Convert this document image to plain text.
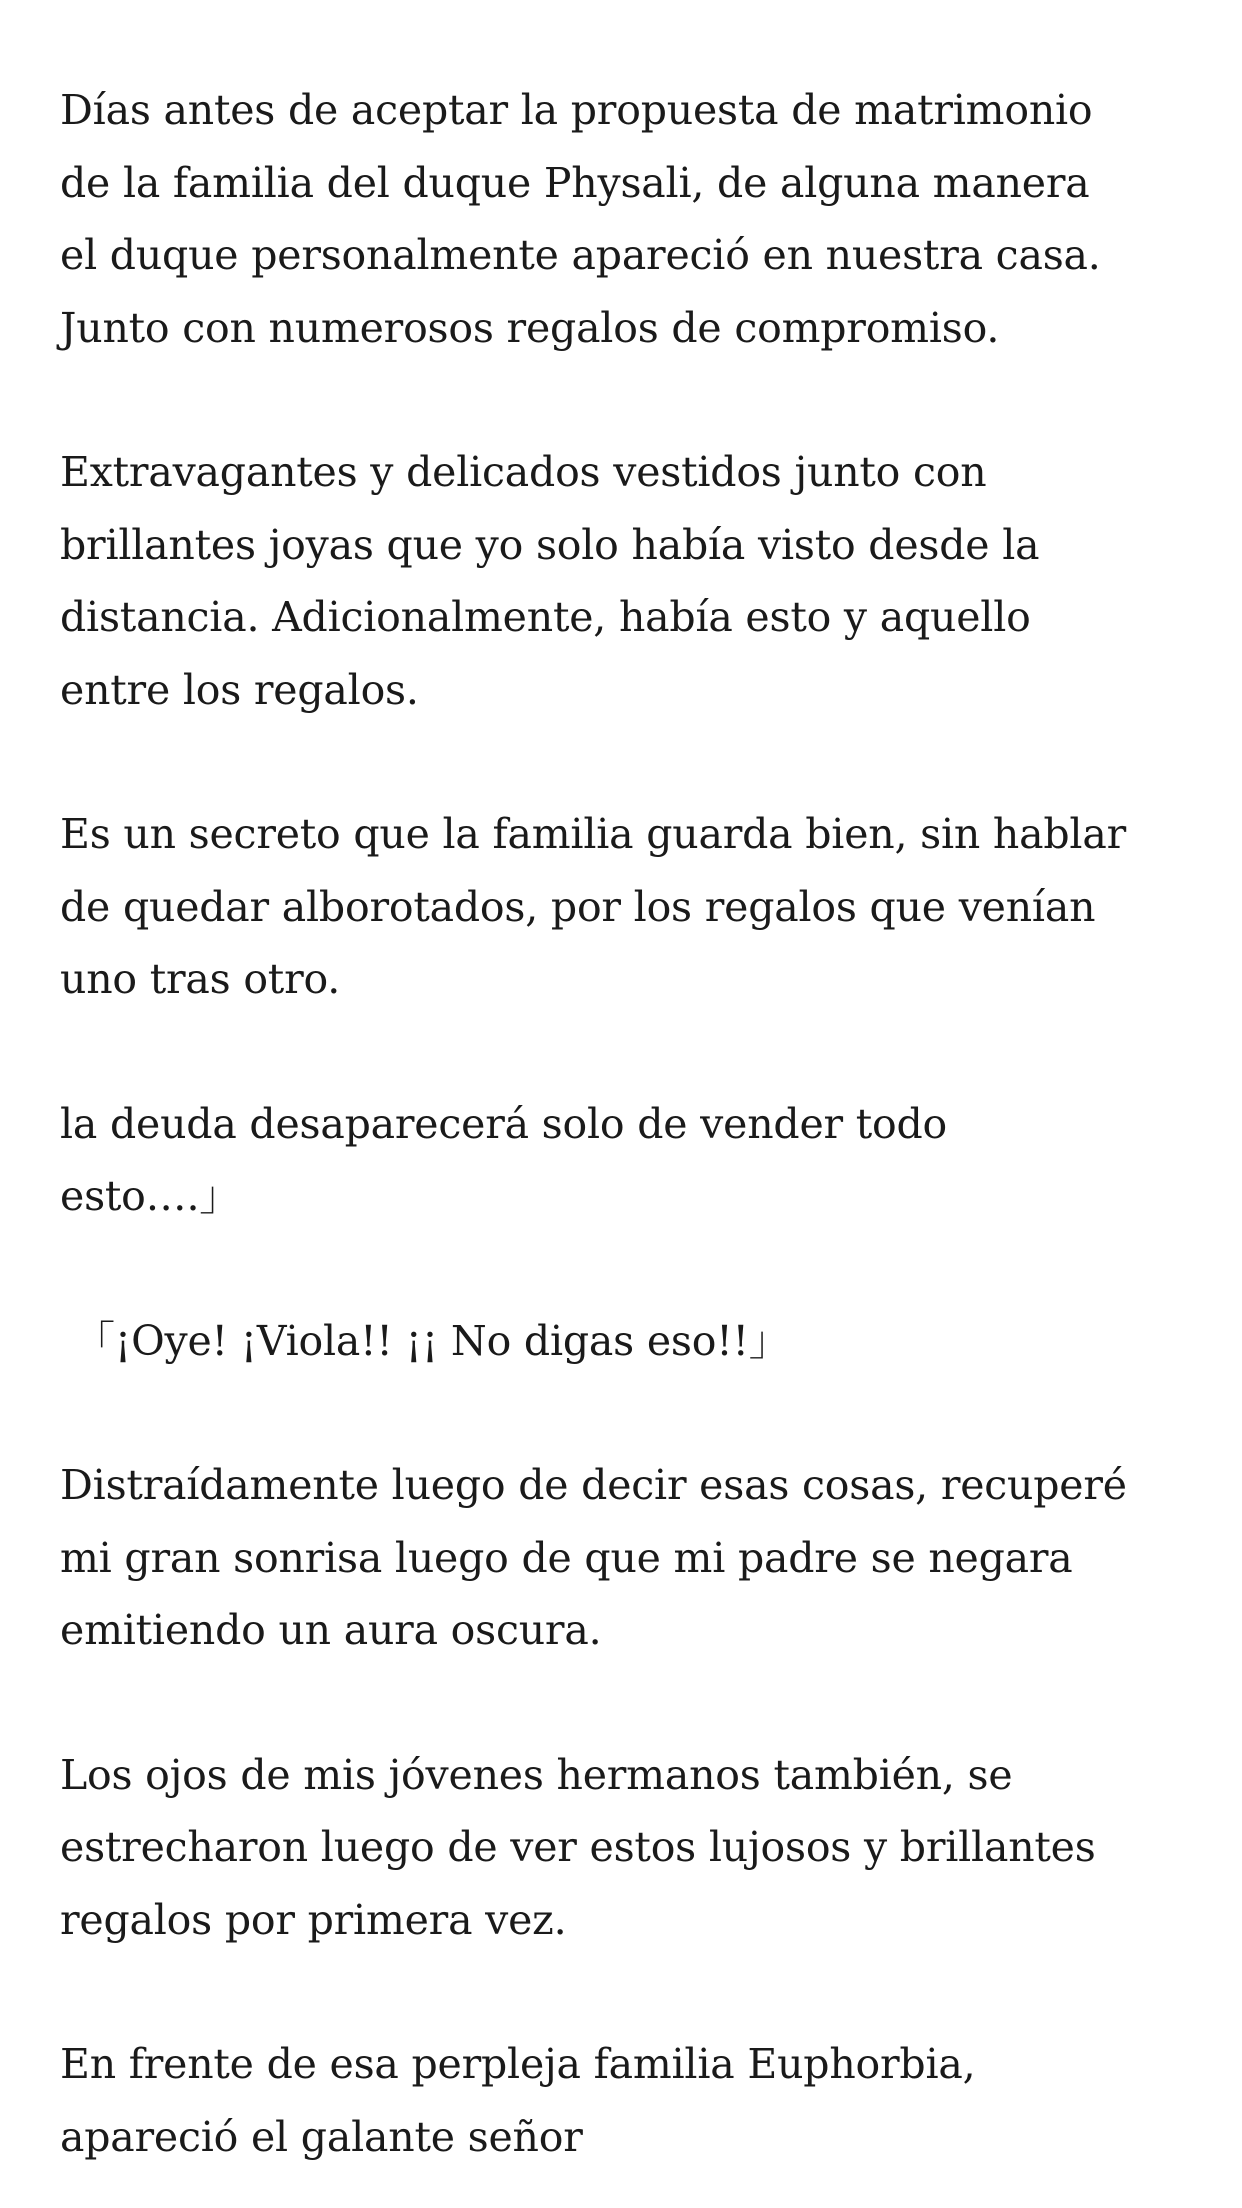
Días antes de aceptar la propuesta de matrimonio
de la familia del duque Physali, de alguna manera
el duque personalmente apareció en nuestra casa.
Junto con numerosos regalos de compromiso.

Extravagantes y delicados vestidos junto con
brillantes joyas que yo solo había visto desde la
distancia. Adicionalmente, había esto y aquello
entre los regalos.

Es un secreto que la familia guarda bien, sin hablar
de quedar alborotados, por los regalos que venían
uno tras otro.

la deuda desaparecerá solo de vender todo
esto….」

「¡Oye! ¡Viola!! ¡¡ No digas eso!!」

Distraídamente luego de decir esas cosas, recuperé
mi gran sonrisa luego de que mi padre se negara
emitiendo un aura oscura.

Los ojos de mis jóvenes hermanos también, se
estrecharon luego de ver estos lujosos y brillantes
regalos por primera vez.

En frente de esa perpleja familia Euphorbia,
apareció el galante señor
